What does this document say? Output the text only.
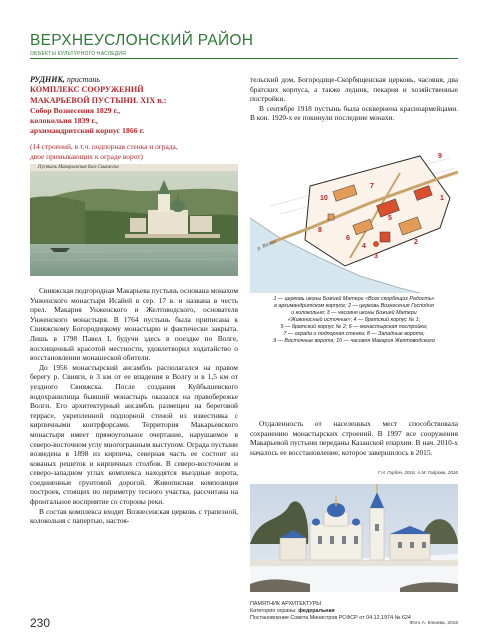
ВЕРХНЕУСЛОНСКИЙ РАЙОН
ОБЪЕКТЫ КУЛЬТУРНОГО НАСЛЕДИЯ
РУДНИК, пристань
КОМПЛЕКС СООРУЖЕНИЙ
МАКАРЬЕВОЙ ПУСТЫНИ. XIX в.:
Собор Вознесения 1829 г.,
колокольня 1839 г.,
архимандритский корпус 1866 г.
(14 строений, в т.ч. подпорная стенка и ограда,
двое примыкающих к ограде ворот)
Пустынь Макарьевская близ Свияжска

Свияжская подгородная Макарьева пустынь основана монахом Унженского монастыря Исайей в сер. 17 в. и названа в честь прел. Макария Унженского и Желтоводского, основателя Унженского монастыря. В 1764 пустынь была приписана к Свияжскому Богородицкому монастырю и фактически закрыта. Лишь в 1798 Павел I, будучи здесь в поездке по Волге, восхищенный красотой местности, удовлетворил ходатайство о восстановлении монашеской обители.

До 1956 монастырский ансамбль располагался на правом берегу р. Свияги, в 3 км от ее впадения в Волгу и в 1,5 км от уездного Свияжска. После создания Куйбышевского водохранилища бывший монастырь оказался на правобережье Волги. Его архитектурный ансамбль размещен на береговой террасе, укрепленной подпорной стеной из известняка с кирпичными контрфорсами. Территория Макарьевского монастыря имеет прямоугольное очертание, нарушаемое в северо-восточном углу многогранным выступом. Ограда пустыни возведена в 1898 из кирпича, северная часть ее состоит из кованых решеток и кирпичных столбов. В северо-восточном и северо-западном углах комплекса находятся въездные ворота, соединенные грунтовой дорогой. Живописная композиция построек, стоящих по периметру тесного участка, рассчитана на фронтальное восприятие со стороны реки.

В состав комплекса входят Вознесенская церковь с трапезной, колокольня с папертью, настоя-

тельский дом, Богородице-Скорбященская церковь, часовня, два братских корпуса, а также ледник, пекарня и хозяйственные постройки.

В сентябре 1918 пустынь была осквернена красноармейцами. В кон. 1920-х ее покинули последние монахи.

10
7
9
8
5
1
6
4
2
3
р. Волга
1 — церковь иконы Божией Матери «Всех скорбящих Радость»
в архимандритском корпусе; 2 — церковь Вознесения Господня
и колокольня; 3 — часовня иконы Божией Матери
«Живоносный источник»; 4 — братский корпус № 1;
5 — братский корпус № 2; 6 — монастырская постройка;
7 — ограда и подпорная стенка; 8 — Западные ворота;
9 — Восточные ворота; 10 — часовня Макария Желтоводского

Отдаленность от населенных мест способствовала сохранению монастырских строений. В 1997 все сооружения Макарьевой пустыни переданы Казанской епархии. В нач. 2010-х началось ее восстановление, которое завершилось в 2015.

Г.Н. Горбач, 2016, А.М. Гадрова, 2016
ПАМЯТНИК АРХИТЕКТУРЫ
Категория охраны: федеральная
Постановление Совета Министров РСФСР от 04.12.1974 № 624
230	Фото А. Клюева, 2016
